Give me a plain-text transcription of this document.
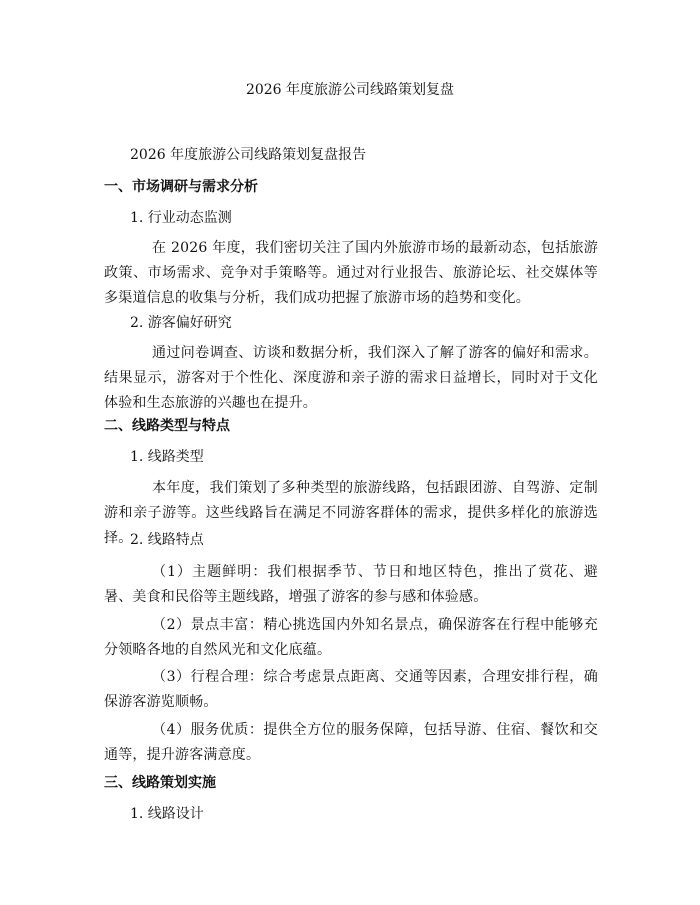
2026 年度旅游公司线路策划复盘
2026 年度旅游公司线路策划复盘报告
一、市场调研与需求分析
1. 行业动态监测
在 2026 年度，我们密切关注了国内外旅游市场的最新动态，包括旅游政策、市场需求、竞争对手策略等。通过对行业报告、旅游论坛、社交媒体等多渠道信息的收集与分析，我们成功把握了旅游市场的趋势和变化。
2. 游客偏好研究
通过问卷调查、访谈和数据分析，我们深入了解了游客的偏好和需求。结果显示，游客对于个性化、深度游和亲子游的需求日益增长，同时对于文化体验和生态旅游的兴趣也在提升。
二、线路类型与特点
1. 线路类型
本年度，我们策划了多种类型的旅游线路，包括跟团游、自驾游、定制游和亲子游等。这些线路旨在满足不同游客群体的需求，提供多样化的旅游选择。
2. 线路特点
（1）主题鲜明：我们根据季节、节日和地区特色，推出了赏花、避暑、美食和民俗等主题线路，增强了游客的参与感和体验感。
（2）景点丰富：精心挑选国内外知名景点，确保游客在行程中能够充分领略各地的自然风光和文化底蕴。
（3）行程合理：综合考虑景点距离、交通等因素，合理安排行程，确保游客游览顺畅。
（4）服务优质：提供全方位的服务保障，包括导游、住宿、餐饮和交通等，提升游客满意度。
三、线路策划实施
1. 线路设计
